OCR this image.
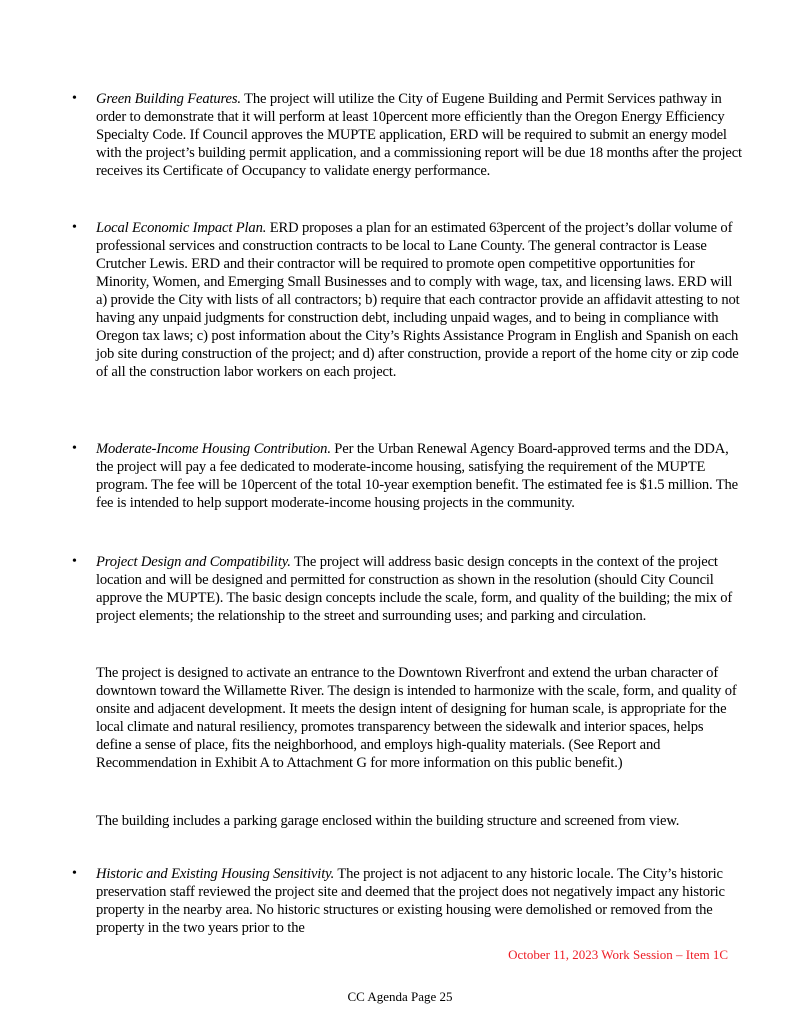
•	Green Building Features. The project will utilize the City of Eugene Building and Permit Services pathway in order to demonstrate that it will perform at least 10percent more efficiently than the Oregon Energy Efficiency Specialty Code. If Council approves the MUPTE application, ERD will be required to submit an energy model with the project’s building permit application, and a commissioning report will be due 18 months after the project receives its Certificate of Occupancy to validate energy performance.
•	Local Economic Impact Plan. ERD proposes a plan for an estimated 63percent of the project’s dollar volume of professional services and construction contracts to be local to Lane County. The general contractor is Lease Crutcher Lewis. ERD and their contractor will be required to promote open competitive opportunities for Minority, Women, and Emerging Small Businesses and to comply with wage, tax, and licensing laws. ERD will a) provide the City with lists of all contractors; b) require that each contractor provide an affidavit attesting to not having any unpaid judgments for construction debt, including unpaid wages, and to being in compliance with Oregon tax laws; c) post information about the City’s Rights Assistance Program in English and Spanish on each job site during construction of the project; and d) after construction, provide a report of the home city or zip code of all the construction labor workers on each project.
•	Moderate-Income Housing Contribution. Per the Urban Renewal Agency Board-approved terms and the DDA, the project will pay a fee dedicated to moderate-income housing, satisfying the requirement of the MUPTE program. The fee will be 10percent of the total 10-year exemption benefit. The estimated fee is $1.5 million. The fee is intended to help support moderate-income housing projects in the community.
•	Project Design and Compatibility. The project will address basic design concepts in the context of the project location and will be designed and permitted for construction as shown in the resolution (should City Council approve the MUPTE). The basic design concepts include the scale, form, and quality of the building; the mix of project elements; the relationship to the street and surrounding uses; and parking and circulation.
The project is designed to activate an entrance to the Downtown Riverfront and extend the urban character of downtown toward the Willamette River. The design is intended to harmonize with the scale, form, and quality of onsite and adjacent development. It meets the design intent of designing for human scale, is appropriate for the local climate and natural resiliency, promotes transparency between the sidewalk and interior spaces, helps define a sense of place, fits the neighborhood, and employs high-quality materials. (See Report and Recommendation in Exhibit A to Attachment G for more information on this public benefit.)
The building includes a parking garage enclosed within the building structure and screened from view.
•	Historic and Existing Housing Sensitivity. The project is not adjacent to any historic locale. The City’s historic preservation staff reviewed the project site and deemed that the project does not negatively impact any historic property in the nearby area. No historic structures or existing housing were demolished or removed from the property in the two years prior to the
October 11, 2023 Work Session – Item 1C
CC Agenda Page 25
